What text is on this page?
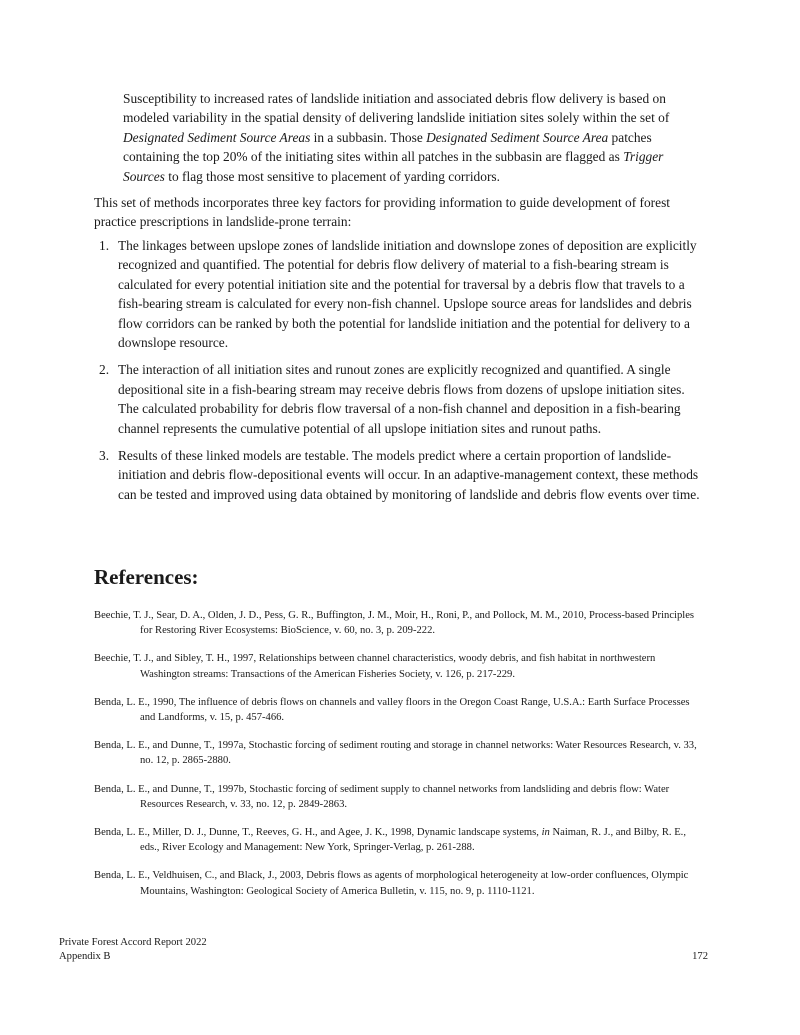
Susceptibility to increased rates of landslide initiation and associated debris flow delivery is based on modeled variability in the spatial density of delivering landslide initiation sites solely within the set of Designated Sediment Source Areas in a subbasin. Those Designated Sediment Source Area patches containing the top 20% of the initiating sites within all patches in the subbasin are flagged as Trigger Sources to flag those most sensitive to placement of yarding corridors.

This set of methods incorporates three key factors for providing information to guide development of forest practice prescriptions in landslide-prone terrain:

1. The linkages between upslope zones of landslide initiation and downslope zones of deposition are explicitly recognized and quantified. The potential for debris flow delivery of material to a fish-bearing stream is calculated for every potential initiation site and the potential for traversal by a debris flow that travels to a fish-bearing stream is calculated for every non-fish channel. Upslope source areas for landslides and debris flow corridors can be ranked by both the potential for landslide initiation and the potential for delivery to a downslope resource.
2. The interaction of all initiation sites and runout zones are explicitly recognized and quantified. A single depositional site in a fish-bearing stream may receive debris flows from dozens of upslope initiation sites. The calculated probability for debris flow traversal of a non-fish channel and deposition in a fish-bearing channel represents the cumulative potential of all upslope initiation sites and runout paths.
3. Results of these linked models are testable. The models predict where a certain proportion of landslide-initiation and debris flow-depositional events will occur. In an adaptive-management context, these methods can be tested and improved using data obtained by monitoring of landslide and debris flow events over time.
References:

Beechie, T. J., Sear, D. A., Olden, J. D., Pess, G. R., Buffington, J. M., Moir, H., Roni, P., and Pollock, M. M., 2010, Process-based Principles for Restoring River Ecosystems: BioScience, v. 60, no. 3, p. 209-222.

Beechie, T. J., and Sibley, T. H., 1997, Relationships between channel characteristics, woody debris, and fish habitat in northwestern Washington streams: Transactions of the American Fisheries Society, v. 126, p. 217-229.

Benda, L. E., 1990, The influence of debris flows on channels and valley floors in the Oregon Coast Range, U.S.A.: Earth Surface Processes and Landforms, v. 15, p. 457-466.

Benda, L. E., and Dunne, T., 1997a, Stochastic forcing of sediment routing and storage in channel networks: Water Resources Research, v. 33, no. 12, p. 2865-2880.

Benda, L. E., and Dunne, T., 1997b, Stochastic forcing of sediment supply to channel networks from landsliding and debris flow: Water Resources Research, v. 33, no. 12, p. 2849-2863.

Benda, L. E., Miller, D. J., Dunne, T., Reeves, G. H., and Agee, J. K., 1998, Dynamic landscape systems, in Naiman, R. J., and Bilby, R. E., eds., River Ecology and Management: New York, Springer-Verlag, p. 261-288.

Benda, L. E., Veldhuisen, C., and Black, J., 2003, Debris flows as agents of morphological heterogeneity at low-order confluences, Olympic Mountains, Washington: Geological Society of America Bulletin, v. 115, no. 9, p. 1110-1121.

Private Forest Accord Report 2022
Appendix B	172
